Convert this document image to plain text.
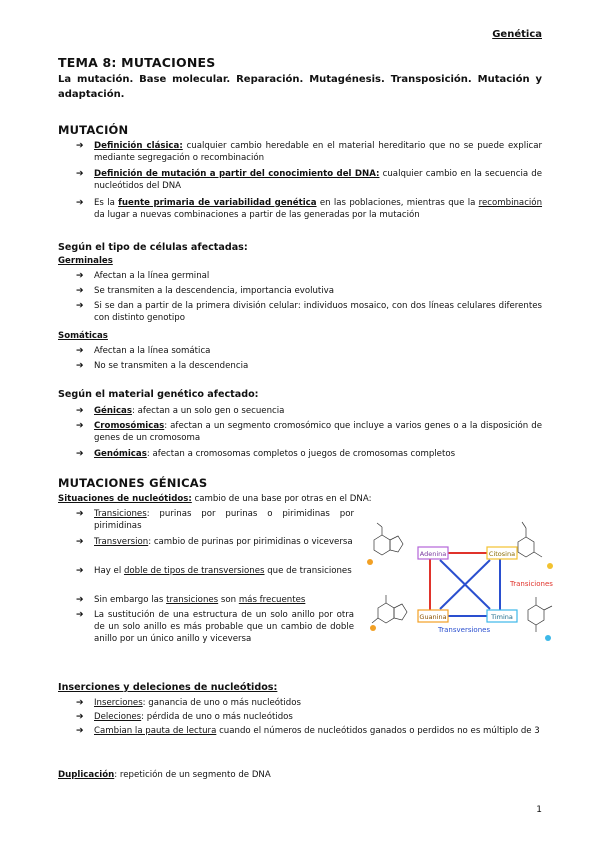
Genética
TEMA 8: MUTACIONES
La mutación. Base molecular. Reparación. Mutagénesis. Transposición. Mutación y adaptación.
MUTACIÓN
➔ Definición clásica: cualquier cambio heredable en el material hereditario que no se puede explicar mediante segregación o recombinación
➔ Definición de mutación a partir del conocimiento del DNA: cualquier cambio en la secuencia de nucleótidos del DNA
➔ Es la fuente primaria de variabilidad genética en las poblaciones, mientras que la recombinación da lugar a nuevas combinaciones a partir de las generadas por la mutación
Según el tipo de células afectadas:
Germinales
➔ Afectan a la línea germinal
➔ Se transmiten a la descendencia, importancia evolutiva
➔ Si se dan a partir de la primera división celular: individuos mosaico, con dos líneas celulares diferentes con distinto genotipo
Somáticas
➔ Afectan a la línea somática
➔ No se transmiten a la descendencia
Según el material genético afectado:
➔ Génicas: afectan a un solo gen o secuencia
➔ Cromosómicas: afectan a un segmento cromosómico que incluye a varios genes o a la disposición de genes de un cromosoma
➔ Genómicas: afectan a cromosomas completos o juegos de cromosomas completos
MUTACIONES GÉNICAS
Situaciones de nucleótidos: cambio de una base por otras en el DNA:
➔ Transiciones: purinas por purinas o pirimidinas por pirimidinas
➔ Transversion: cambio de purinas por pirimidinas o viceversa
➔ Hay el doble de tipos de transversiones que de transiciones
➔ Sin embargo las transiciones son más frecuentes
➔ La sustitución de una estructura de un solo anillo por otra de un solo anillo es más probable que un cambio de doble anillo por un único anillo y viceversa
Adenina	Citosina
Guanina	Timina
Transiciones
Transversiones
Inserciones y deleciones de nucleótidos:
➔ Inserciones: ganancia de uno o más nucleótidos
➔ Deleciones: pérdida de uno o más nucleótidos
➔ Cambian la pauta de lectura cuando el números de nucleótidos ganados o perdidos no es múltiplo de 3
Duplicación: repetición de un segmento de DNA
1
